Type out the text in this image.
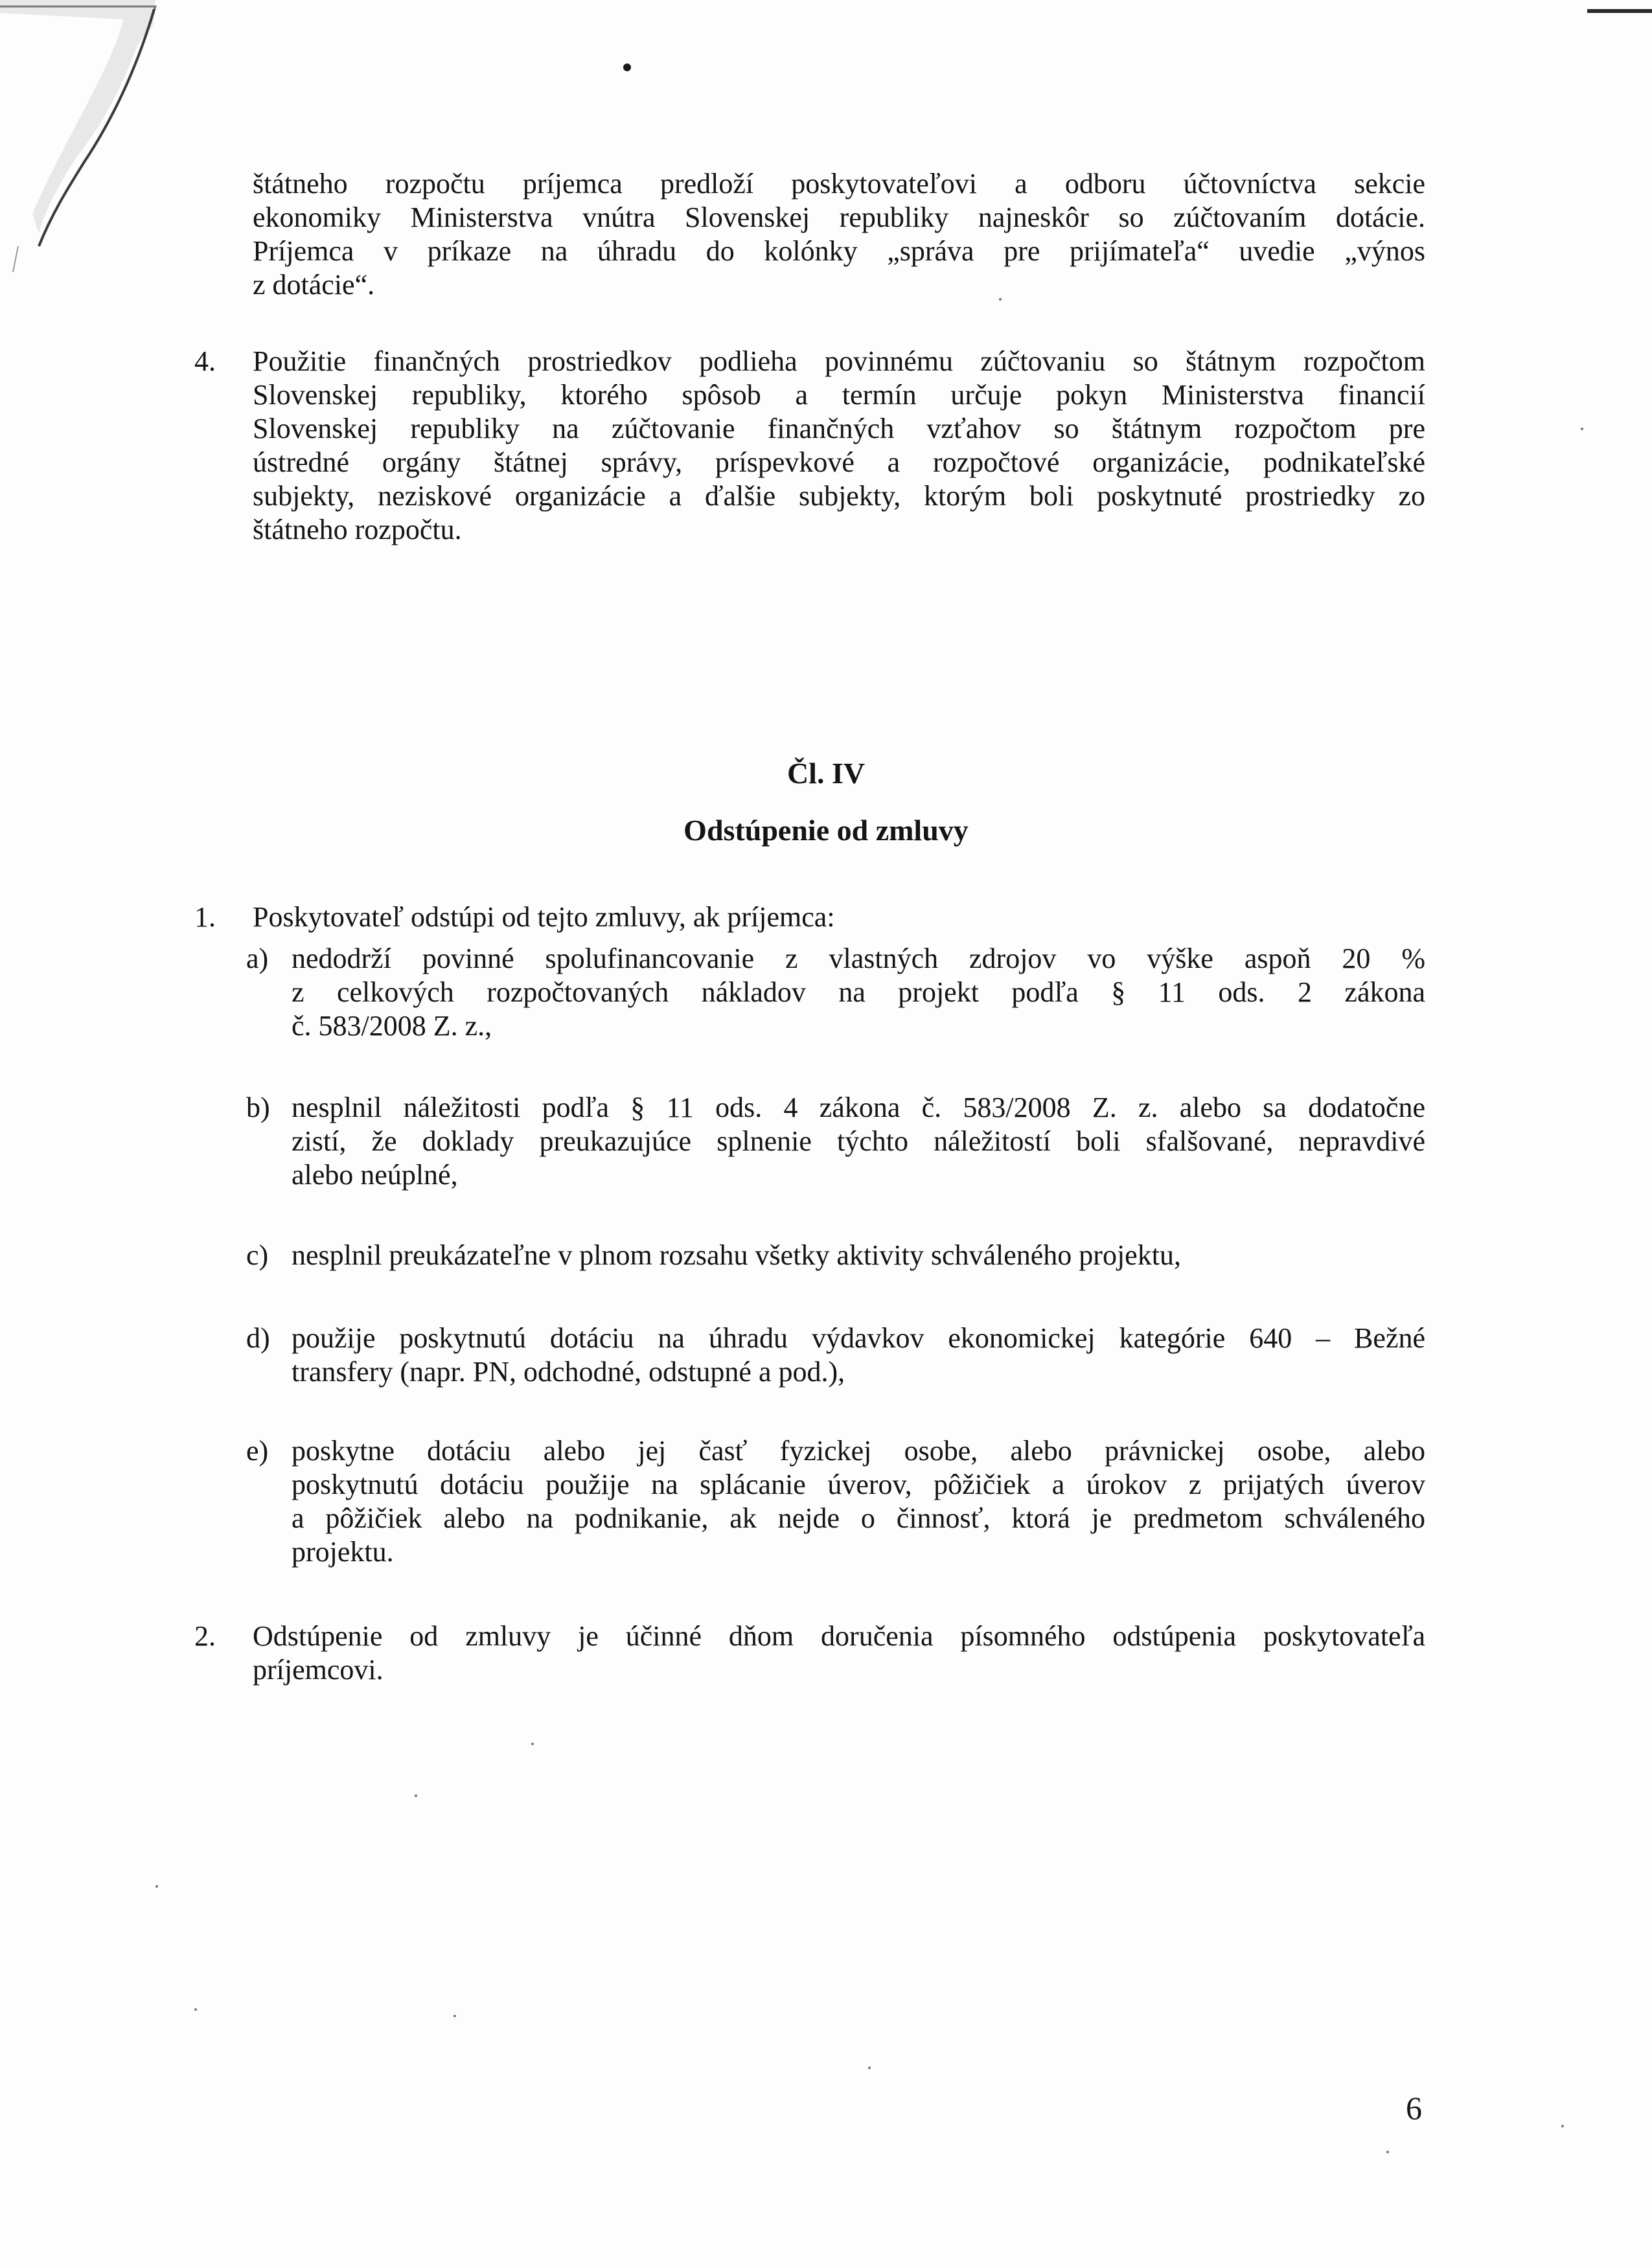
štátneho rozpočtu príjemca predloží poskytovateľovi a odboru účtovníctva sekcie
ekonomiky Ministerstva vnútra Slovenskej republiky najneskôr so zúčtovaním dotácie.
Príjemca v príkaze na úhradu do kolónky „správa pre prijímateľa“ uvedie „výnos
z dotácie“.
4. Použitie finančných prostriedkov podlieha povinnému zúčtovaniu so štátnym rozpočtom
Slovenskej republiky, ktorého spôsob a termín určuje pokyn Ministerstva financií
Slovenskej republiky na zúčtovanie finančných vzťahov so štátnym rozpočtom pre
ústredné orgány štátnej správy, príspevkové a rozpočtové organizácie, podnikateľské
subjekty, neziskové organizácie a ďalšie subjekty, ktorým boli poskytnuté prostriedky zo
štátneho rozpočtu.
Čl. IV
Odstúpenie od zmluvy
1. Poskytovateľ odstúpi od tejto zmluvy, ak príjemca:
a) nedodrží povinné spolufinancovanie z vlastných zdrojov vo výške aspoň 20 %
z celkových rozpočtovaných nákladov na projekt podľa § 11 ods. 2 zákona
č. 583/2008 Z. z.,
b) nesplnil náležitosti podľa § 11 ods. 4 zákona č. 583/2008 Z. z. alebo sa dodatočne
zistí, že doklady preukazujúce splnenie týchto náležitostí boli sfalšované, nepravdivé
alebo neúplné,
c) nesplnil preukázateľne v plnom rozsahu všetky aktivity schváleného projektu,
d) použije poskytnutú dotáciu na úhradu výdavkov ekonomickej kategórie 640 – Bežné
transfery (napr. PN, odchodné, odstupné a pod.),
e) poskytne dotáciu alebo jej časť fyzickej osobe, alebo právnickej osobe, alebo
poskytnutú dotáciu použije na splácanie úverov, pôžičiek a úrokov z prijatých úverov
a pôžičiek alebo na podnikanie, ak nejde o činnosť, ktorá je predmetom schváleného
projektu.
2. Odstúpenie od zmluvy je účinné dňom doručenia písomného odstúpenia poskytovateľa
príjemcovi.
6
